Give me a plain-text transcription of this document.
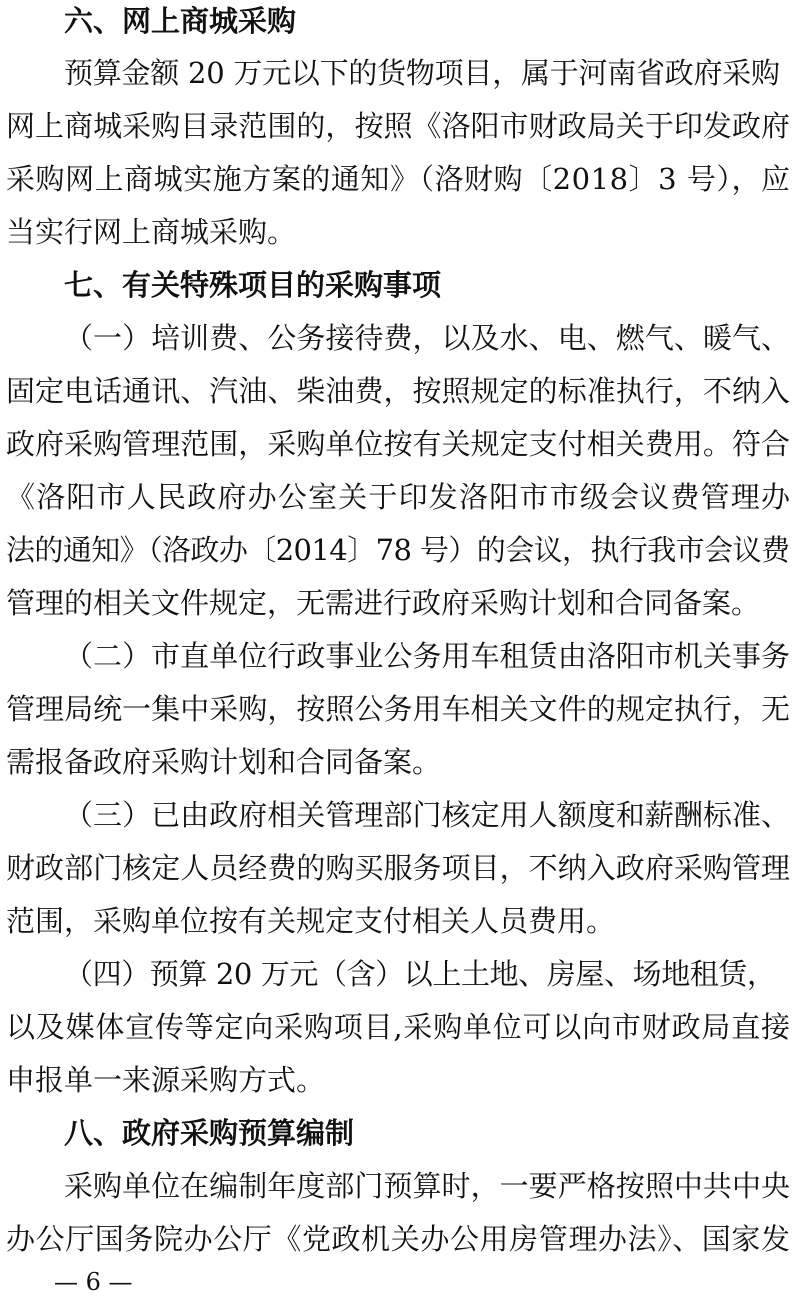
六、网上商城采购
预算金额 20 万元以下的货物项目，属于河南省政府采购
网上商城采购目录范围的，按照《洛阳市财政局关于印发政府
采购网上商城实施方案的通知》（洛财购〔2018〕3 号），应
当实行网上商城采购。
七、有关特殊项目的采购事项
（一）培训费、公务接待费，以及水、电、燃气、暖气、
固定电话通讯、汽油、柴油费，按照规定的标准执行，不纳入
政府采购管理范围，采购单位按有关规定支付相关费用。符合
《洛阳市人民政府办公室关于印发洛阳市市级会议费管理办
法的通知》（洛政办〔2014〕78 号）的会议，执行我市会议费
管理的相关文件规定，无需进行政府采购计划和合同备案。
（二）市直单位行政事业公务用车租赁由洛阳市机关事务
管理局统一集中采购，按照公务用车相关文件的规定执行，无
需报备政府采购计划和合同备案。
（三）已由政府相关管理部门核定用人额度和薪酬标准、
财政部门核定人员经费的购买服务项目，不纳入政府采购管理
范围，采购单位按有关规定支付相关人员费用。
（四）预算 20 万元（含）以上土地、房屋、场地租赁，
以及媒体宣传等定向采购项目,采购单位可以向市财政局直接
申报单一来源采购方式。
八、政府采购预算编制
采购单位在编制年度部门预算时，一要严格按照中共中央
办公厅国务院办公厅《党政机关办公用房管理办法》、国家发
— 6 —
